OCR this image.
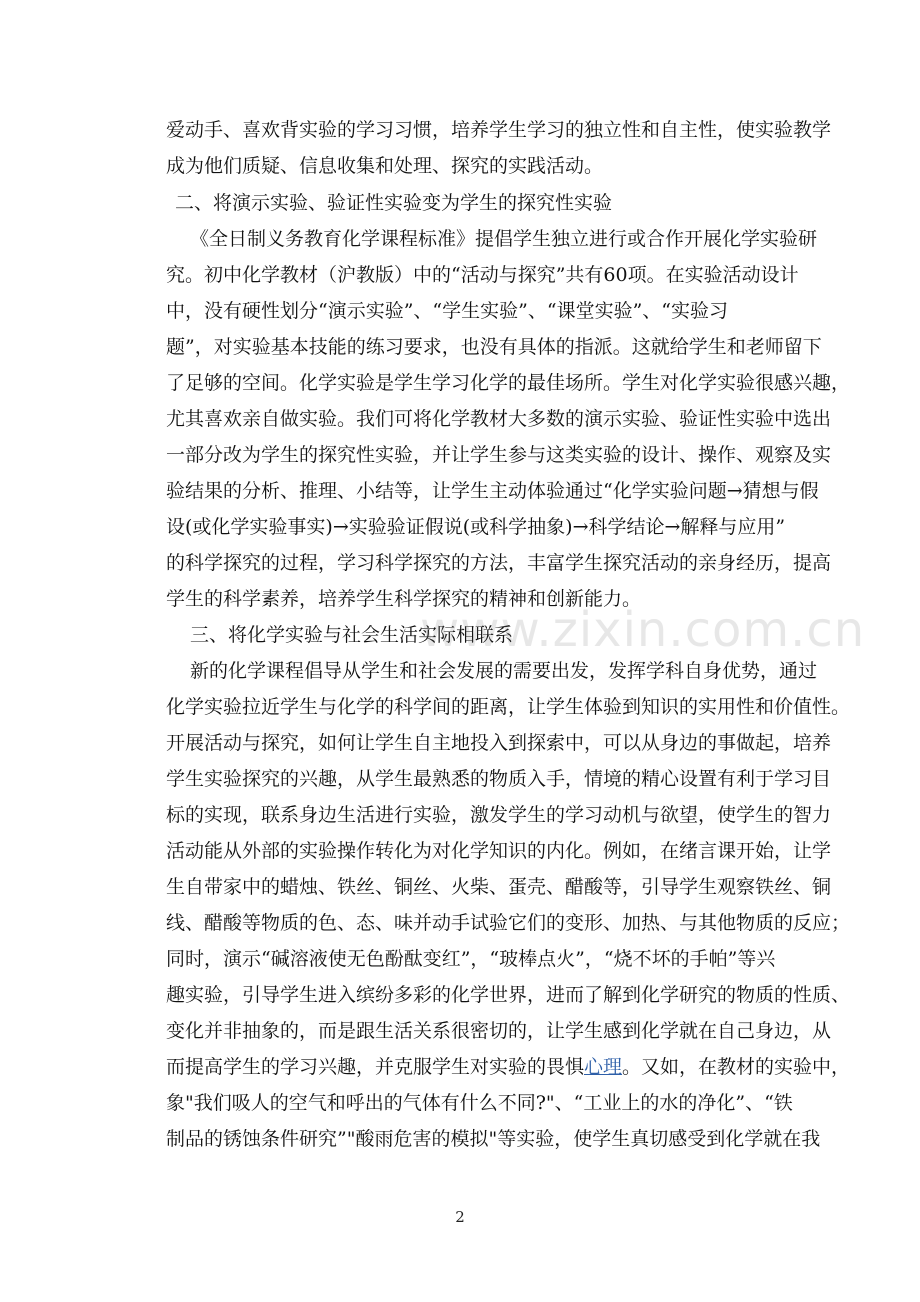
爱动手、喜欢背实验的学习习惯，培养学生学习的独立性和自主性，使实验教学
成为他们质疑、信息收集和处理、探究的实践活动。
二、将演示实验、验证性实验变为学生的探究性实验
《全日制义务教育化学课程标准》提倡学生独立进行或合作开展化学实验研
究。初中化学教材（沪教版）中的“活动与探究”共有60项。在实验活动设计
中，没有硬性划分“演示实验”、“学生实验”、“课堂实验”、“实验习
题”，对实验基本技能的练习要求，也没有具体的指派。这就给学生和老师留下
了足够的空间。化学实验是学生学习化学的最佳场所。学生对化学实验很感兴趣，
尤其喜欢亲自做实验。我们可将化学教材大多数的演示实验、验证性实验中选出
一部分改为学生的探究性实验，并让学生参与这类实验的设计、操作、观察及实
验结果的分析、推理、小结等，让学生主动体验通过“化学实验问题→猜想与假
设(或化学实验事实)→实验验证假说(或科学抽象)→科学结论→解释与应用”
的科学探究的过程，学习科学探究的方法，丰富学生探究活动的亲身经历，提高
学生的科学素养，培养学生科学探究的精神和创新能力。
三、将化学实验与社会生活实际相联系
新的化学课程倡导从学生和社会发展的需要出发，发挥学科自身优势，通过
化学实验拉近学生与化学的科学间的距离，让学生体验到知识的实用性和价值性。
开展活动与探究，如何让学生自主地投入到探索中，可以从身边的事做起，培养
学生实验探究的兴趣，从学生最熟悉的物质入手，情境的精心设置有利于学习目
标的实现，联系身边生活进行实验，激发学生的学习动机与欲望，使学生的智力
活动能从外部的实验操作转化为对化学知识的内化。例如，在绪言课开始，让学
生自带家中的蜡烛、铁丝、铜丝、火柴、蛋壳、醋酸等，引导学生观察铁丝、铜
线、醋酸等物质的色、态、味并动手试验它们的变形、加热、与其他物质的反应；
同时，演示“碱溶液使无色酚酞变红”，“玻棒点火”，“烧不坏的手帕”等兴
趣实验，引导学生进入缤纷多彩的化学世界，进而了解到化学研究的物质的性质、
变化并非抽象的，而是跟生活关系很密切的，让学生感到化学就在自己身边，从
而提高学生的学习兴趣，并克服学生对实验的畏惧心理。又如，在教材的实验中，
象"我们吸人的空气和呼出的气体有什么不同?"、“工业上的水的净化”、“铁
制品的锈蚀条件研究”"酸雨危害的模拟"等实验，使学生真切感受到化学就在我
www.zixin.com.cn
2
